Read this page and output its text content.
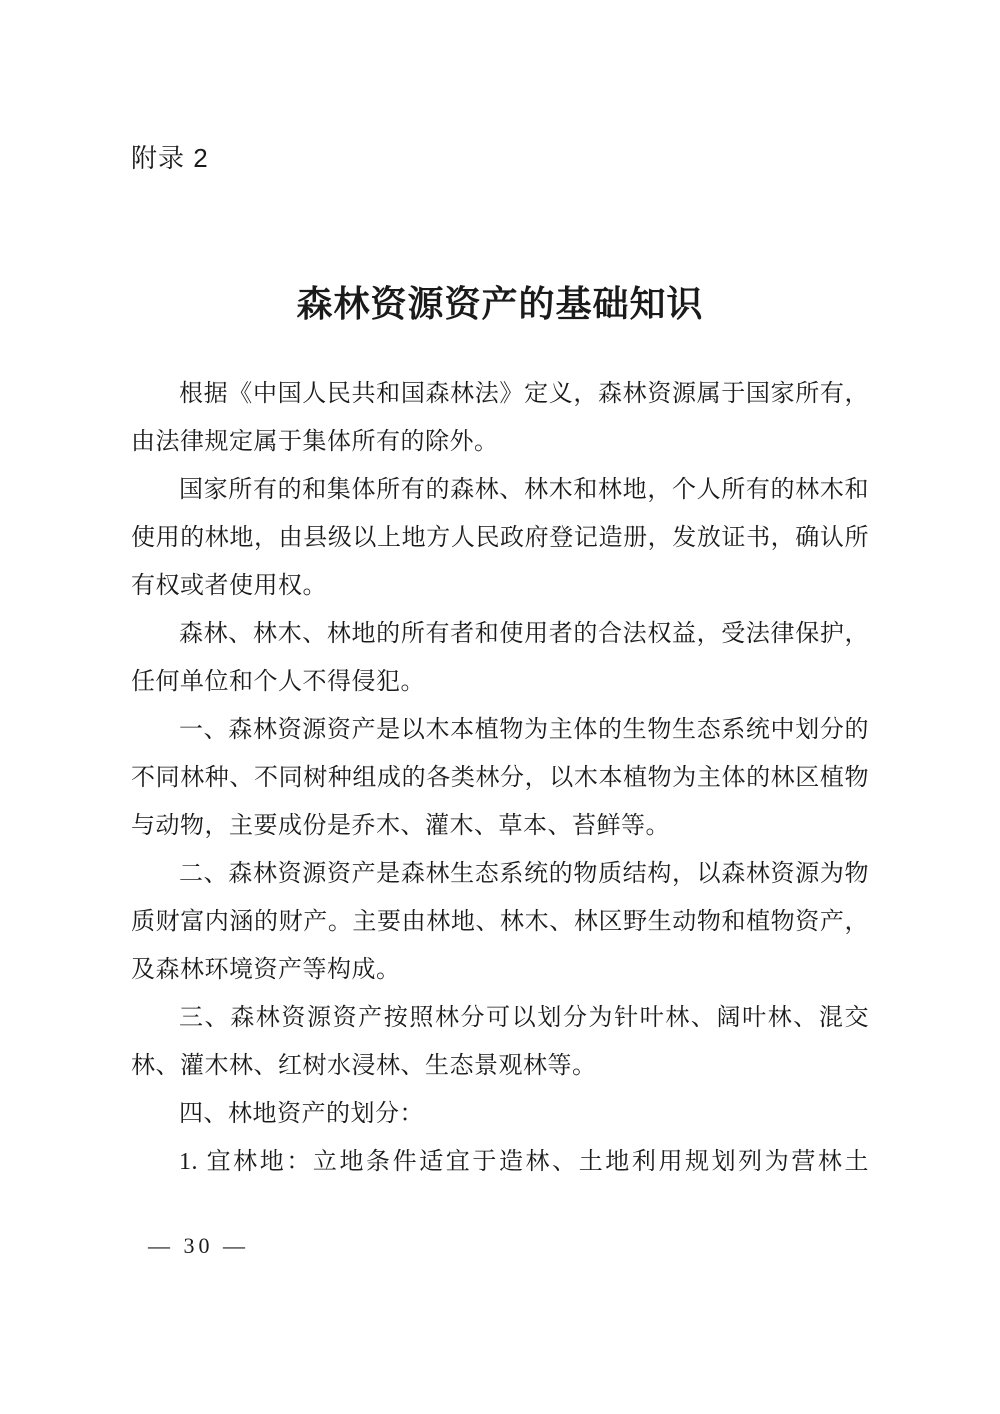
附录 2
森林资源资产的基础知识

根据《中国人民共和国森林法》定义，森林资源属于国家所有，由法律规定属于集体所有的除外。

国家所有的和集体所有的森林、林木和林地，个人所有的林木和使用的林地，由县级以上地方人民政府登记造册，发放证书，确认所有权或者使用权。

森林、林木、林地的所有者和使用者的合法权益，受法律保护，任何单位和个人不得侵犯。

一、森林资源资产是以木本植物为主体的生物生态系统中划分的不同林种、不同树种组成的各类林分，以木本植物为主体的林区植物与动物，主要成份是乔木、灌木、草本、苔鲜等。

二、森林资源资产是森林生态系统的物质结构，以森林资源为物质财富内涵的财产。主要由林地、林木、林区野生动物和植物资产，及森林环境资产等构成。

三、森林资源资产按照林分可以划分为针叶林、阔叶林、混交林、灌木林、红树水浸林、生态景观林等。

四、林地资产的划分：

1. 宜林地：立地条件适宜于造林、土地利用规划列为营林土

— 30 —
